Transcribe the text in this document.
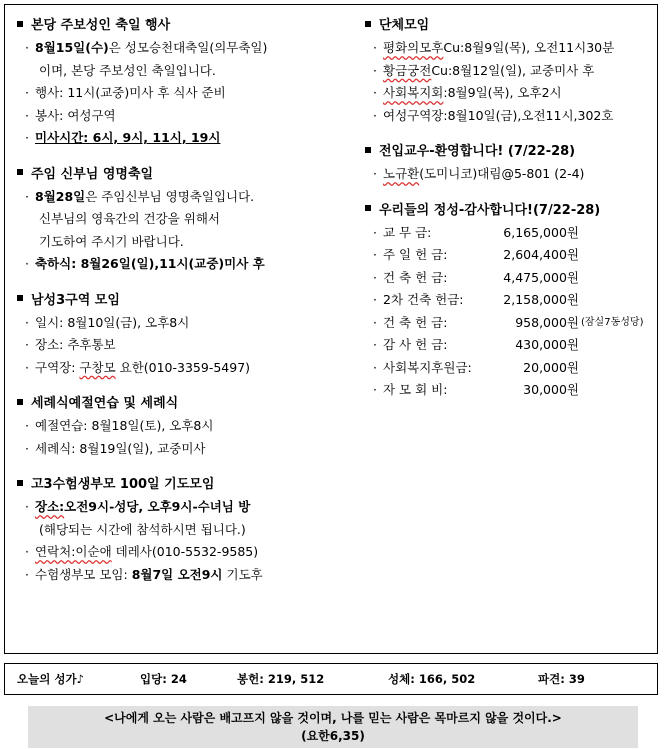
본당 주보성인 축일 행사
· 8월15일(수)은 성모승천대축일(의무축일)
이며, 본당 주보성인 축일입니다.
· 행사: 11시(교중)미사 후 식사 준비
· 봉사: 여성구역
· 미사시간: 6시, 9시, 11시, 19시
주임 신부님 영명축일
· 8월28일은 주임신부님 영명축일입니다.
신부님의 영육간의 건강을 위해서
기도하여 주시기 바랍니다.
· 축하식: 8월26일(일),11시(교중)미사 후
남성3구역 모임
· 일시: 8월10일(금), 오후8시
· 장소: 추후통보
· 구역장: 구창모 요한(010-3359-5497)
세례식예절연습 및 세례식
· 예절연습: 8월18일(토), 오후8시
· 세례식: 8월19일(일), 교중미사
고3수험생부모 100일 기도모임
· 장소:오전9시-성당, 오후9시-수녀님 방
(해당되는 시간에 참석하시면 됩니다.)
· 연락처:이순애 데레사(010-5532-9585)
· 수험생부모 모임: 8월7일 오전9시 기도후
단체모임
· 평화의모후Cu:8월9일(목), 오전11시30분
· 황금궁전Cu:8월12일(일), 교중미사 후
· 사회복지회:8월9일(목), 오후2시
· 여성구역장:8월10일(금),오전11시,302호
전입교우-환영합니다! (7/22-28)
· 노규환(도미니코)대림@5-801 (2-4)
우리들의 정성-감사합니다!(7/22-28)
· 교 무 금:	6,165,000원
· 주 일 헌 금:	2,604,400원
· 건 축 헌 금:	4,475,000원
· 2차 건축 헌금:	2,158,000원
· 건 축 헌 금:	958,000원 (잠실7동성당)
· 감 사 헌 금:	430,000원
· 사회복지후원금:	20,000원
· 자 모 회 비:	30,000원
오늘의 성가♪	입당: 24	봉헌: 219, 512	성체: 166, 502	파견: 39
<나에게 오는 사람은 배고프지 않을 것이며, 나를 믿는 사람은 목마르지 않을 것이다.>
(요한6,35)
